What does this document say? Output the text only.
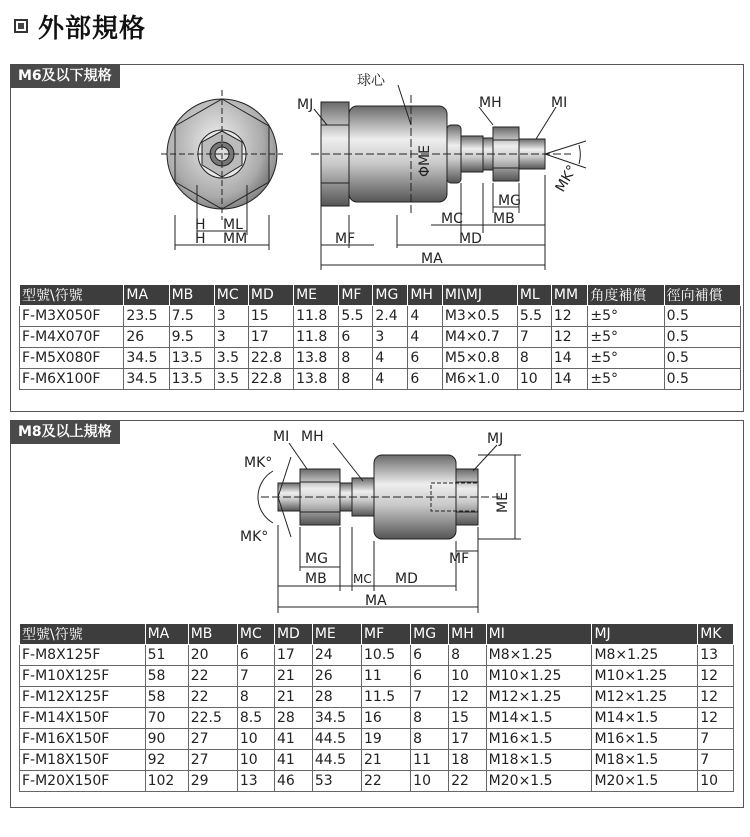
外部規格
球心
MJ	MH	MI
ΦME
H ML
H MM
MG
MC MB
MF	MD
MA
MK°
M6及以下規格
型號\符號	MA	MB	MC	MD	ME	MF	MG	MH	MI\MJ	ML	MM	角度補償	徑向補償
F-M3X050F	23.5	7.5	3	15	11.8	5.5	2.4	4	M3×0.5	5.5	12	±5°	0.5
F-M4X070F	26	9.5	3	17	11.8	6	3	4	M4×0.7	7	12	±5°	0.5
F-M5X080F	34.5	13.5	3.5	22.8	13.8	8	4	6	M5×0.8	8	14	±5°	0.5
F-M6X100F	34.5	13.5	3.5	22.8	13.8	8	4	6	M6×1.0	10	14	±5°	0.5
MI MH	MJ
MK°
MK°
ME
MG	MF
MB MC MD
MA
M8及以上規格
型號\符號	MA	MB	MC	MD	ME	MF	MG	MH	MI	MJ	MK
F-M8X125F	51	20	6	17	24	10.5	6	8	M8×1.25	M8×1.25	13
F-M10X125F	58	22	7	21	26	11	6	10	M10×1.25	M10×1.25	12
F-M12X125F	58	22	8	21	28	11.5	7	12	M12×1.25	M12×1.25	12
F-M14X150F	70	22.5	8.5	28	34.5	16	8	15	M14×1.5	M14×1.5	12
F-M16X150F	90	27	10	41	44.5	19	8	17	M16×1.5	M16×1.5	7
F-M18X150F	92	27	10	41	44.5	21	11	18	M18×1.5	M18×1.5	7
F-M20X150F	102	29	13	46	53	22	10	22	M20×1.5	M20×1.5	10
